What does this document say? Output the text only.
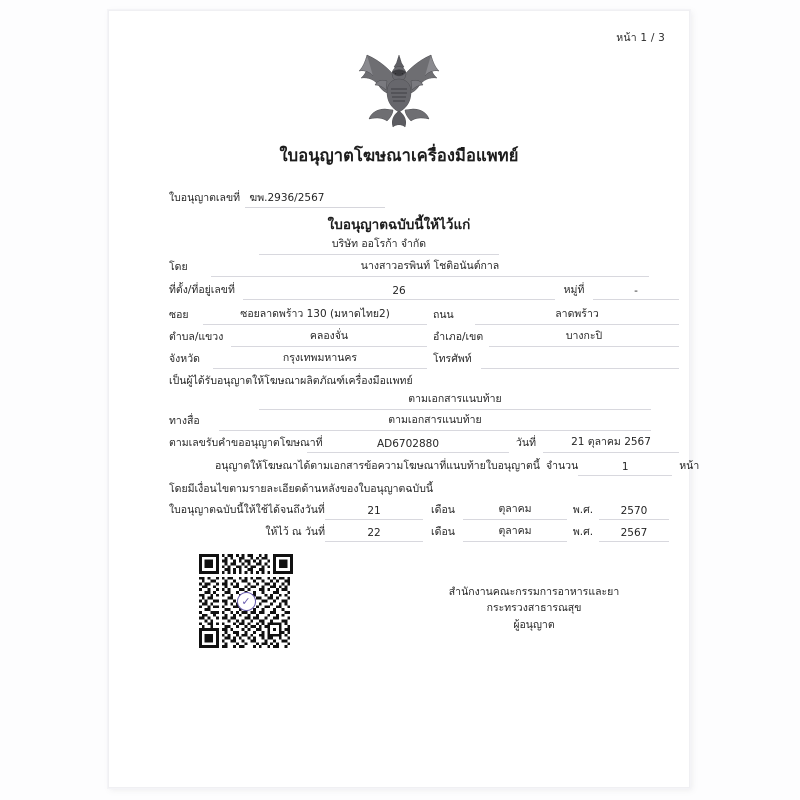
หน้า 1 / 3
ใบอนุญาตโฆษณาเครื่องมือแพทย์
ใบอนุญาตเลขที่ ฆพ.2936/2567
ใบอนุญาตฉบับนี้ให้ไว้แก่
บริษัท ออโรก้า จำกัด
โดย	นางสาวอรพินท์ โชติอนันต์กาล
ที่ตั้ง/ที่อยู่เลขที่	26	หมู่ที่	-
ซอย	ซอยลาดพร้าว 130 (มหาดไทย2)	ถนน	ลาดพร้าว
ตำบล/แขวง	คลองจั่น	อำเภอ/เขต	บางกะปิ
จังหวัด	กรุงเทพมหานคร	โทรศัพท์
เป็นผู้ได้รับอนุญาตให้โฆษณาผลิตภัณฑ์เครื่องมือแพทย์
ตามเอกสารแนบท้าย
ทางสื่อ	ตามเอกสารแนบท้าย
ตามเลขรับคำขออนุญาตโฆษณาที่	AD6702880	วันที่	21 ตุลาคม 2567
อนุญาตให้โฆษณาได้ตามเอกสารข้อความโฆษณาที่แนบท้ายใบอนุญาตนี้ จำนวน	1	หน้า
โดยมีเงื่อนไขตามรายละเอียดด้านหลังของใบอนุญาตฉบับนี้
ใบอนุญาตฉบับนี้ให้ใช้ได้จนถึงวันที่	21	เดือน	ตุลาคม	พ.ศ.	2570
ให้ไว้ ณ วันที่	22	เดือน	ตุลาคม	พ.ศ.	2567
✓
สำนักงานคณะกรรมการอาหารและยา
กระทรวงสาธารณสุข
ผู้อนุญาต
